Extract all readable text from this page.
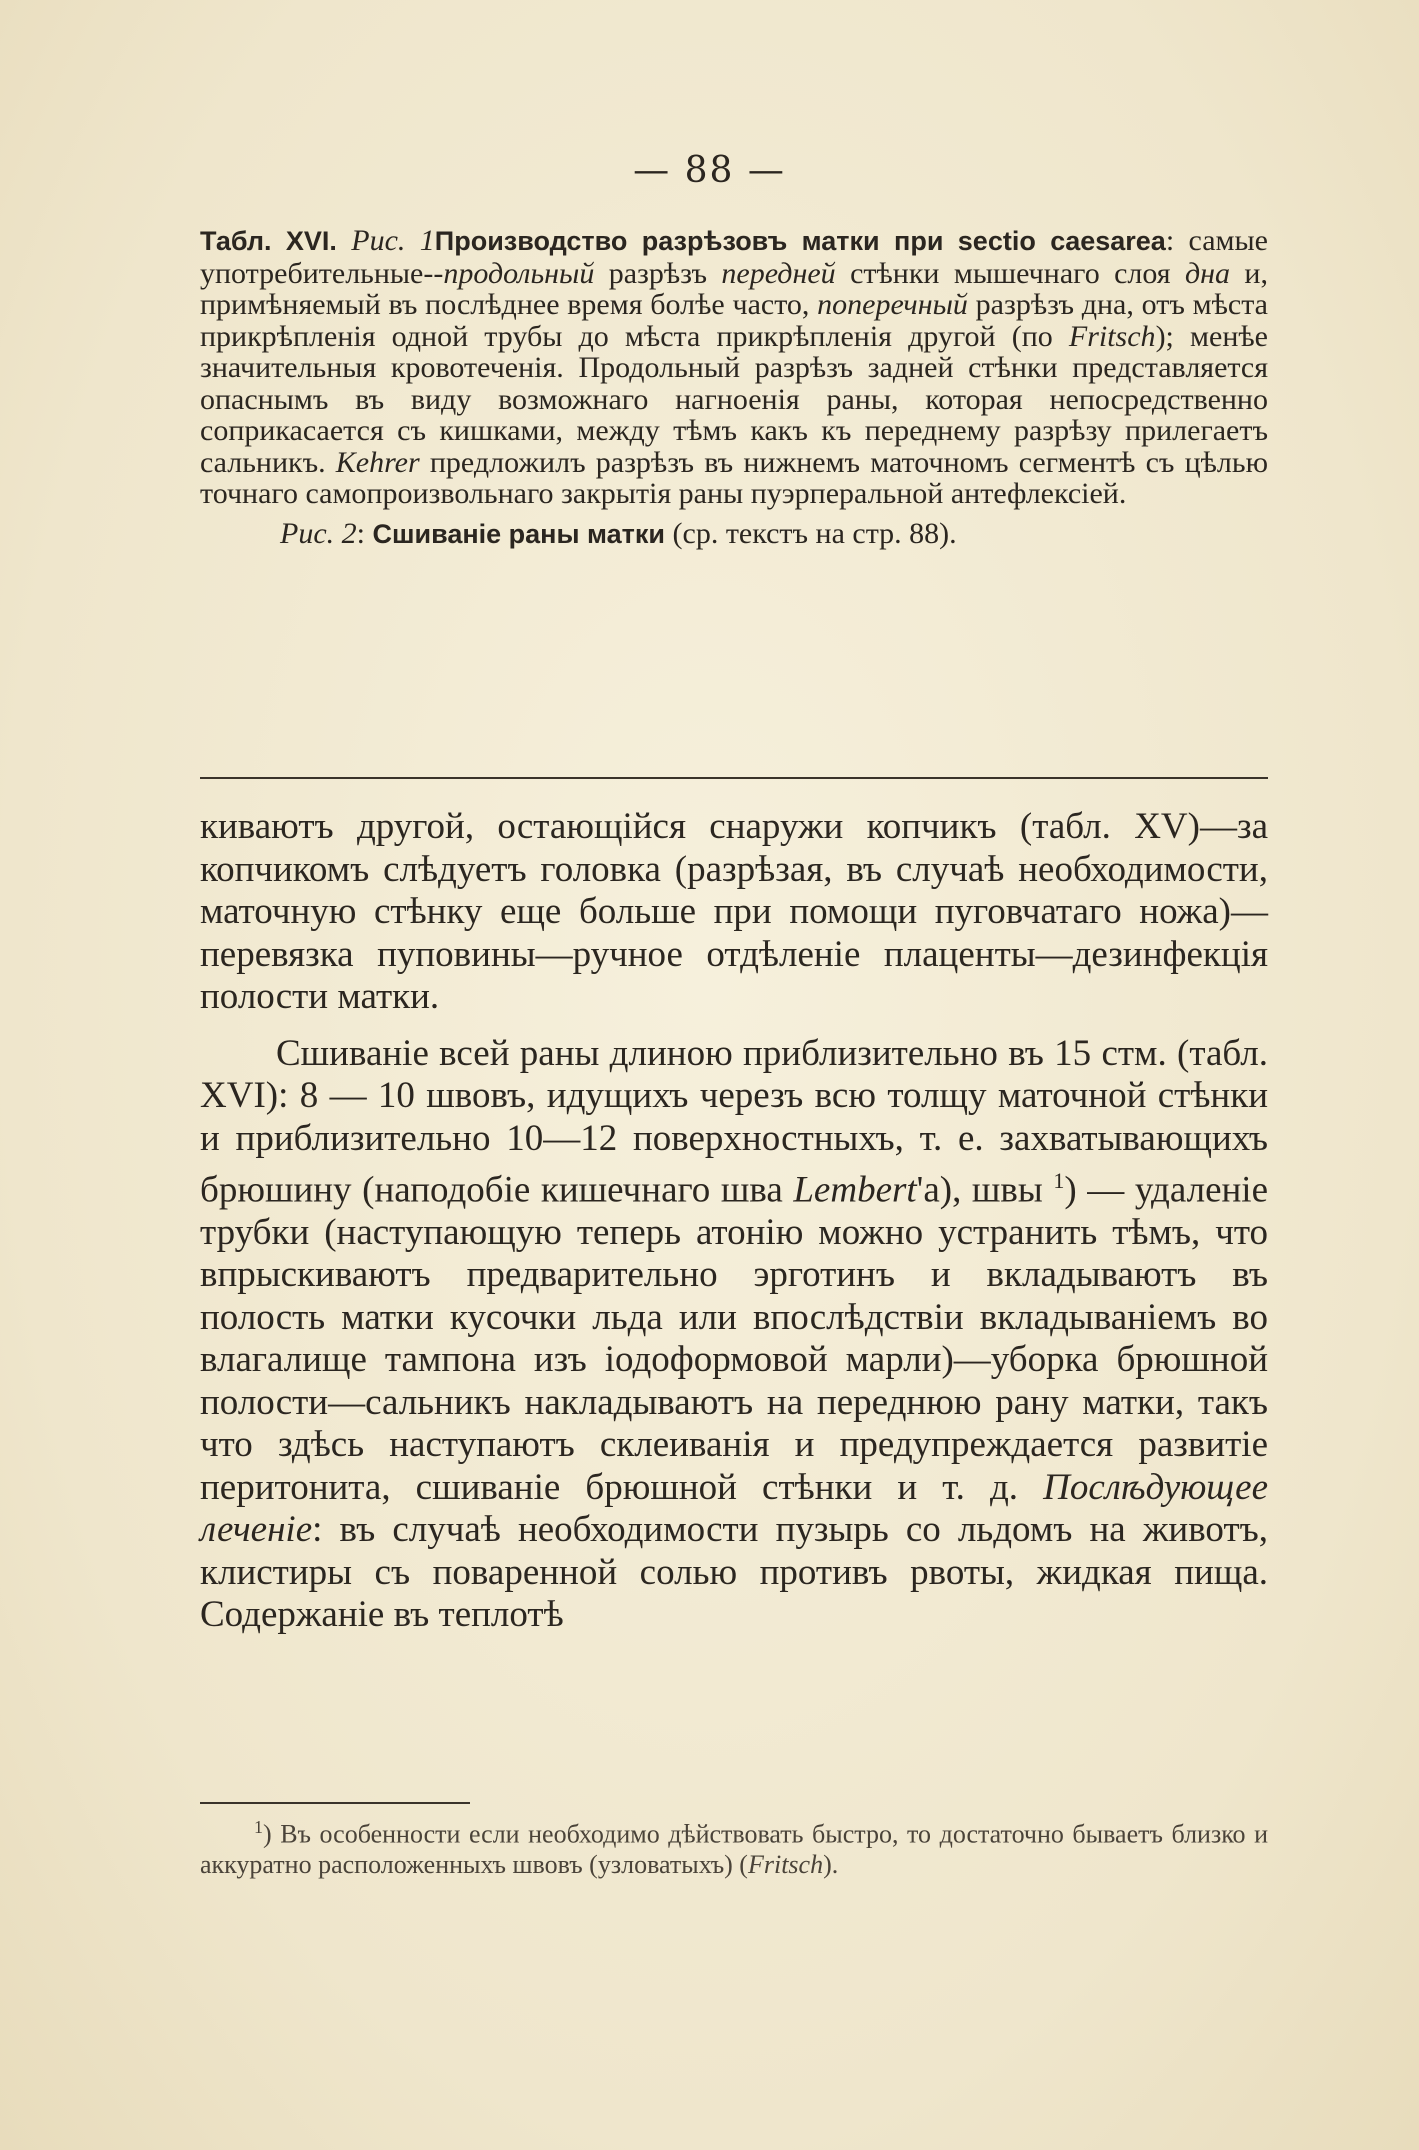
— 88 —

Табл. XVI. Рис. 1Производство разрѣзовъ матки при sectio caesarea: самые употребительные--продольный разрѣзъ передней стѣнки мышечнаго слоя дна и, примѣняемый въ послѣднее время болѣе часто, поперечный разрѣзъ дна, отъ мѣста прикрѣпленія одной трубы до мѣста прикрѣпленія другой (по Fritsch); менѣе значительныя кровотеченія. Продольный разрѣзъ задней стѣнки представляется опаснымъ въ виду возможнаго нагноенія раны, которая непосредственно соприкасается съ кишками, между тѣмъ какъ къ переднему разрѣзу прилегаетъ сальникъ. Kehrer предложилъ разрѣзъ въ нижнемъ маточномъ сегментѣ съ цѣлью точнаго самопроизвольнаго закрытія раны пуэрперальной антефлексіей.

Рис. 2: Сшиваніе раны матки (ср. текстъ на стр. 88).

киваютъ другой, остающійся снаружи копчикъ (табл. XV)—за копчикомъ слѣдуетъ головка (разрѣзая, въ случаѣ необходимости, маточную стѣнку еще больше при помощи пуговчатаго ножа)—перевязка пуповины—ручное отдѣленіе плаценты—дезинфекція полости матки.

Сшиваніе всей раны длиною приблизительно въ 15 стм. (табл. XVI): 8 — 10 швовъ, идущихъ черезъ всю толщу маточной стѣнки и приблизительно 10—12 поверхностныхъ, т. е. захватывающихъ брюшину (наподобіе кишечнаго шва Lembert'а), швы $^1$) — удаленіе трубки (наступающую теперь атонію можно устранить тѣмъ, что впрыскиваютъ предварительно эрготинъ и вкладываютъ въ полость матки кусочки льда или впослѣдствіи вкладываніемъ во влагалище тампона изъ іодоформовой марли)—уборка брюшной полости—сальникъ накладываютъ на переднюю рану матки, такъ что здѣсь наступаютъ склеиванія и предупреждается развитіе перитонита, сшиваніе брюшной стѣнки и т. д. Послѣдующее леченіе: въ случаѣ необходимости пузырь со льдомъ на животъ, клистиры съ поваренной солью противъ рвоты, жидкая пища. Содержаніе въ теплотѣ

$^1$) Въ особенности если необходимо дѣйствовать быстро, то достаточно бываетъ близко и аккуратно расположенныхъ швовъ (узловатыхъ) (Fritsch).
